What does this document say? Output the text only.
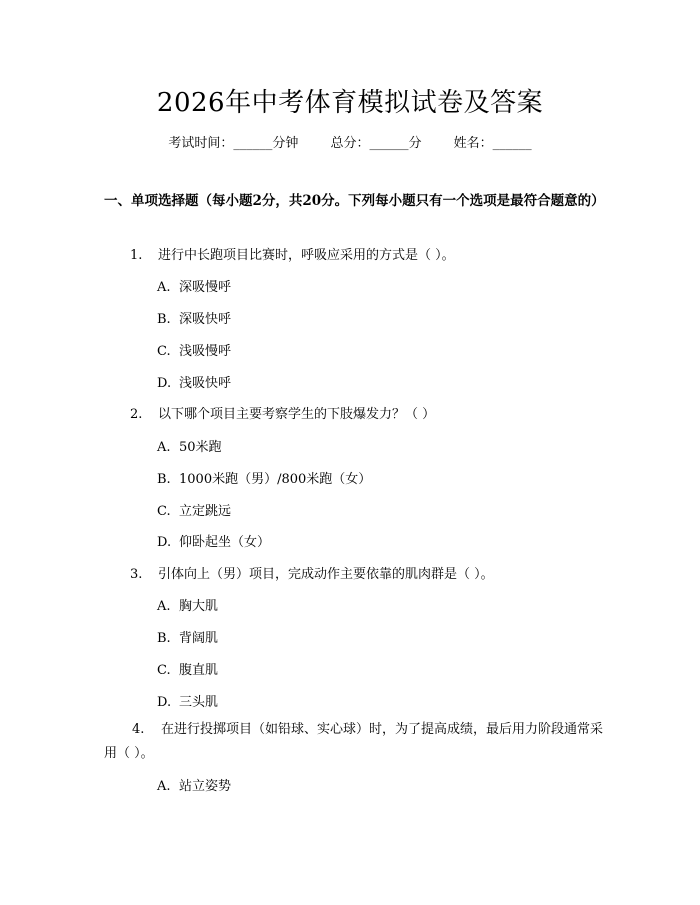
2026年中考体育模拟试卷及答案
考试时间：______分钟 总分：______分 姓名：______
一、单项选择题（每小题2分，共20分。下列每小题只有一个选项是最符合题意的）
1. 进行中长跑项目比赛时，呼吸应采用的方式是（ ）。
A. 深吸慢呼
B. 深吸快呼
C. 浅吸慢呼
D. 浅吸快呼
2. 以下哪个项目主要考察学生的下肢爆发力？（ ）
A. 50米跑
B. 1000米跑（男）/800米跑（女）
C. 立定跳远
D. 仰卧起坐（女）
3. 引体向上（男）项目，完成动作主要依靠的肌肉群是（ ）。
A. 胸大肌
B. 背阔肌
C. 腹直肌
D. 三头肌
4. 在进行投掷项目（如铅球、实心球）时，为了提高成绩，最后用力阶段通常采用（ ）。
A. 站立姿势
